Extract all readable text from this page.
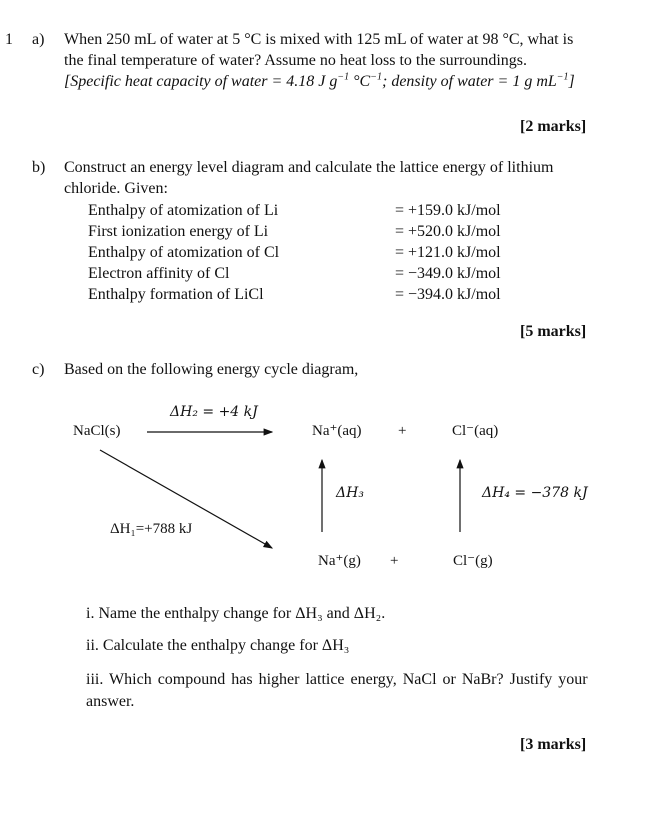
1 a) When 250 mL of water at 5 °C is mixed with 125 mL of water at 98 °C, what is
the final temperature of water? Assume no heat loss to the surroundings.
[Specific heat capacity of water = 4.18 J $g^{-1}$ $^\circ C^{-1}$; density of water = 1 g $mL^{-1}$]
[2 marks]
b) Construct an energy level diagram and calculate the lattice energy of lithium
chloride. Given:
Enthalpy of atomization of Li	= +159.0 kJ/mol
First ionization energy of Li	= +520.0 kJ/mol
Enthalpy of atomization of Cl	= +121.0 kJ/mol
Electron affinity of Cl	= −349.0 kJ/mol
Enthalpy formation of LiCl	= −394.0 kJ/mol
[5 marks]
c) Based on the following energy cycle diagram,
NaCl(s)
ΔH₂ = +4 kJ
Na⁺(aq) +	Cl⁻(aq)
ΔH₁=+788 kJ
ΔH₃	ΔH₄ = −378 kJ
Na⁺(g) +	Cl⁻(g)
i. Name the enthalpy change for ΔH₃ and ΔH₂.
ii. Calculate the enthalpy change for ΔH₃
iii. Which compound has higher lattice energy, NaCl or NaBr? Justify your
answer.
[3 marks]
